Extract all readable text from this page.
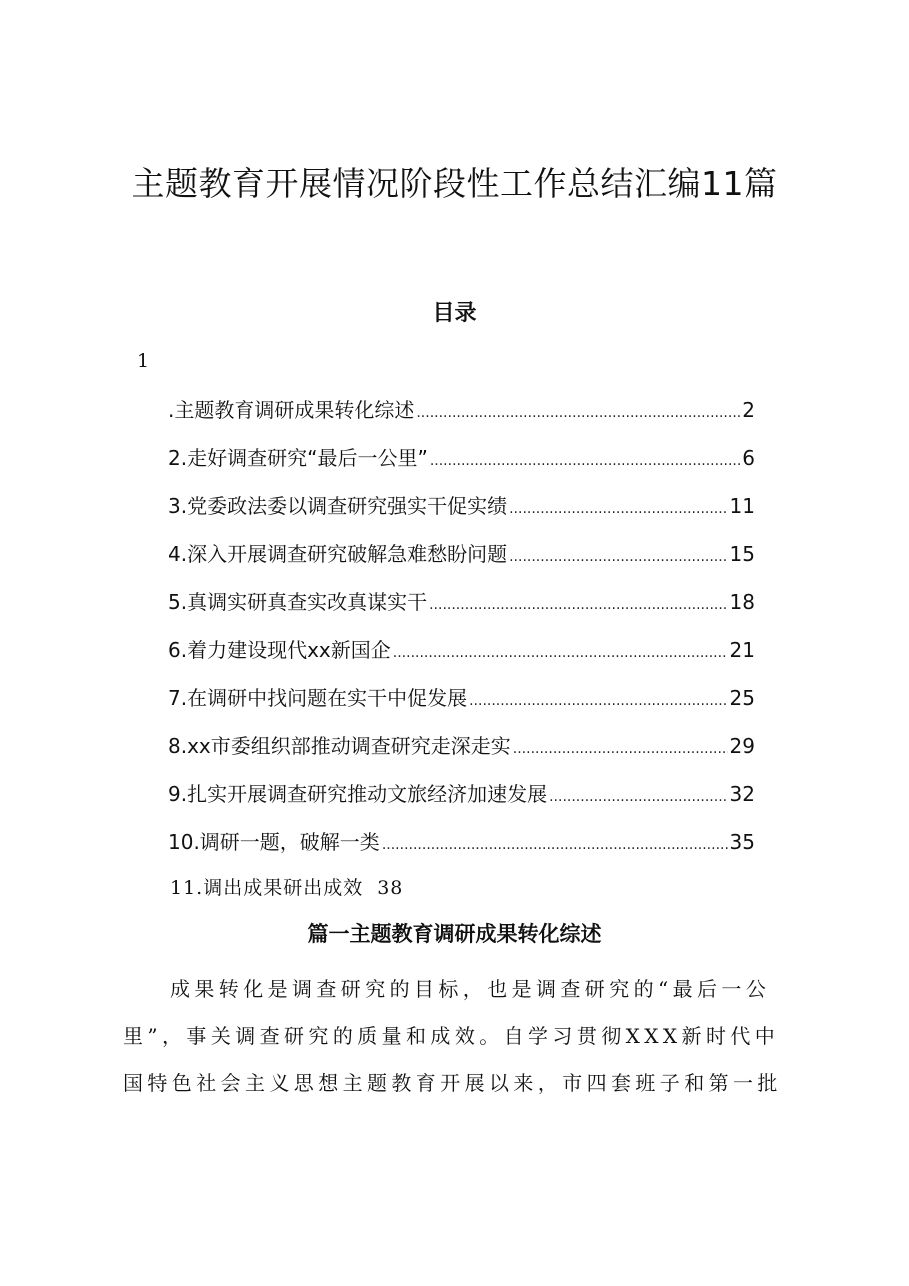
主题教育开展情况阶段性工作总结汇编11篇
目录
1
.主题教育调研成果转化综述 .....	2
2.走好调查研究“最后一公里” .....	6
3.党委政法委以调查研究强实干促实绩 .....	11
4.深入开展调查研究破解急难愁盼问题 .....	15
5.真调实研真查实改真谋实干 .....	18
6.着力建设现代xx新国企 .....	21
7.在调研中找问题在实干中促发展 .....	25
8.xx市委组织部推动调查研究走深走实 .....	29
9.扎实开展调查研究推动文旅经济加速发展 .....	32
10.调研一题，破解一类 .....	35
11.调出成果研出成效 38
篇一主题教育调研成果转化综述
成果转化是调查研究的目标，也是调查研究的“最后一公
里”，事关调查研究的质量和成效。自学习贯彻XXX新时代中
国特色社会主义思想主题教育开展以来，市四套班子和第一批
